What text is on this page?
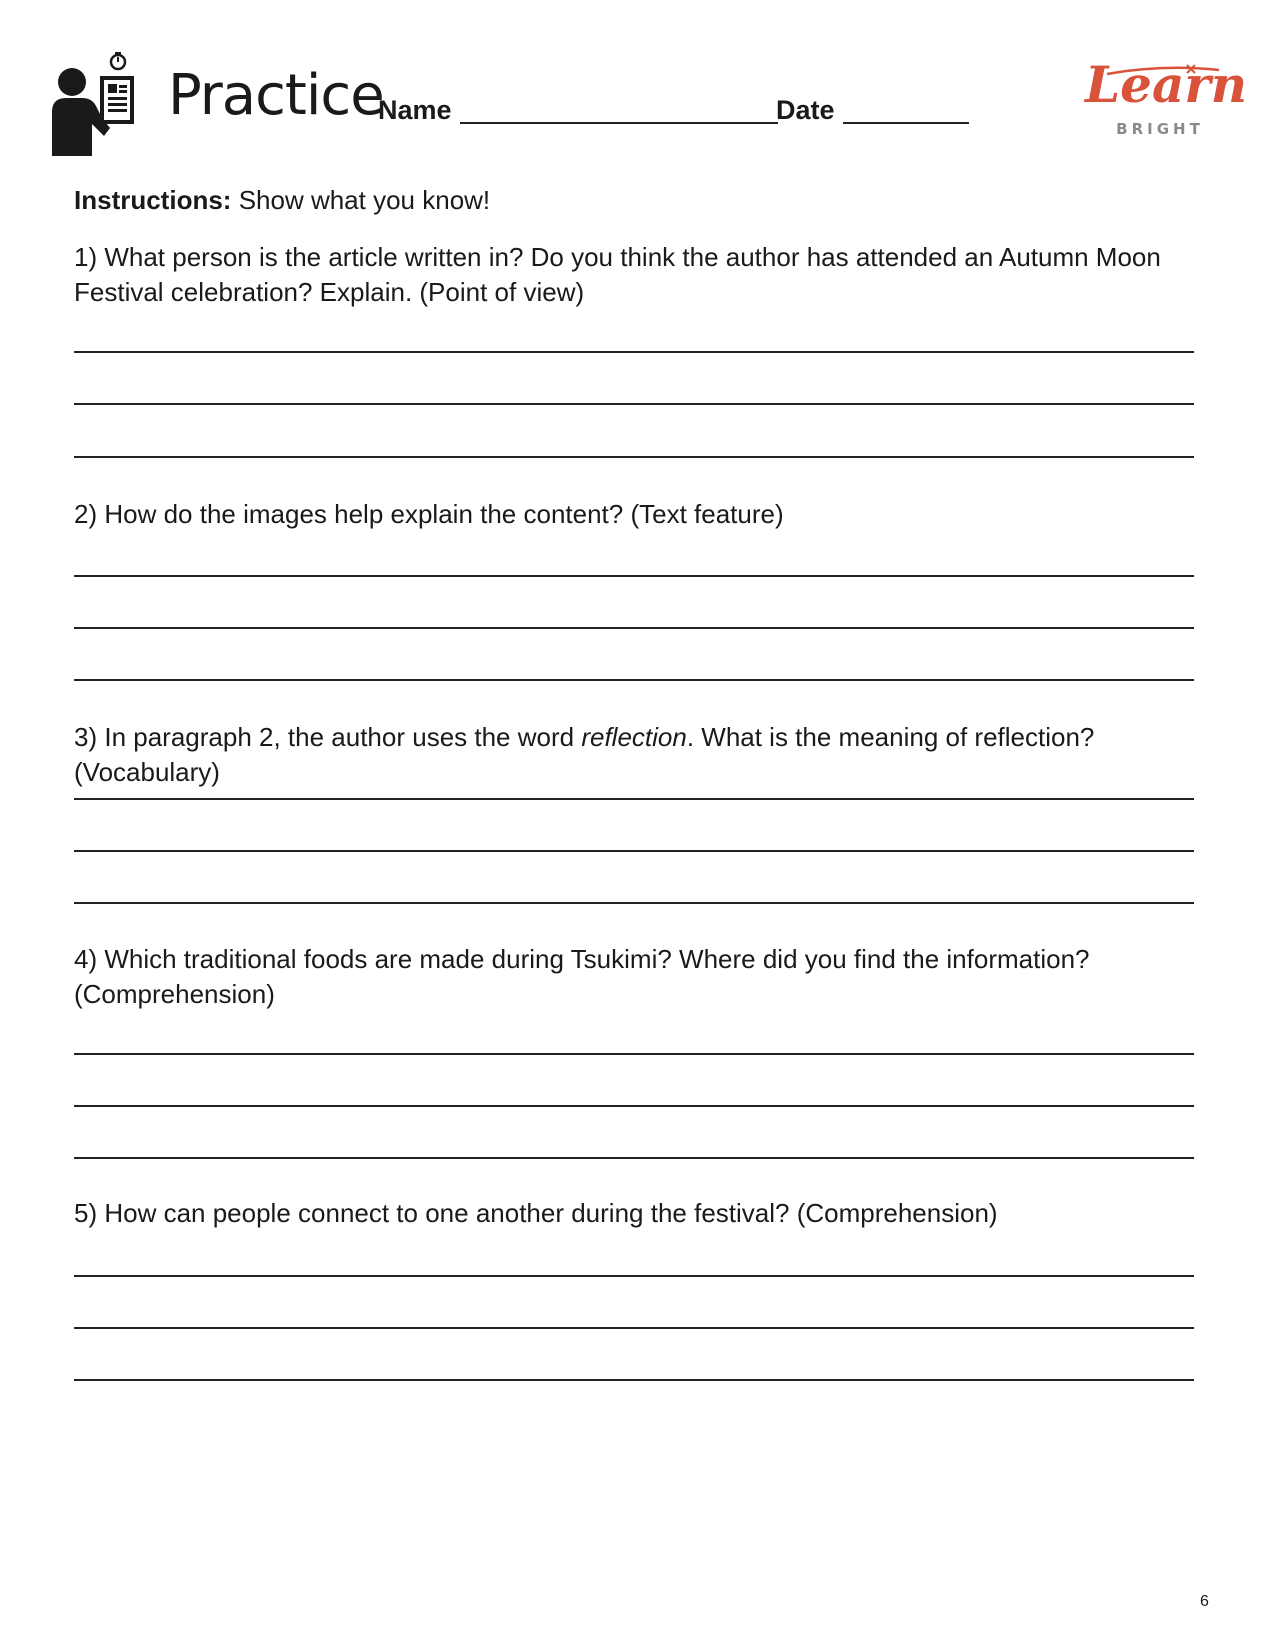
Practice
Name	Date	Learn
BRIGHT
Instructions: Show what you know!
1) What person is the article written in? Do you think the author has attended an Autumn Moon Festival celebration? Explain. (Point of view)
2) How do the images help explain the content? (Text feature)
3) In paragraph 2, the author uses the word reflection. What is the meaning of reflection? (Vocabulary)
4) Which traditional foods are made during Tsukimi? Where did you find the information? (Comprehension)
5) How can people connect to one another during the festival? (Comprehension)
6
